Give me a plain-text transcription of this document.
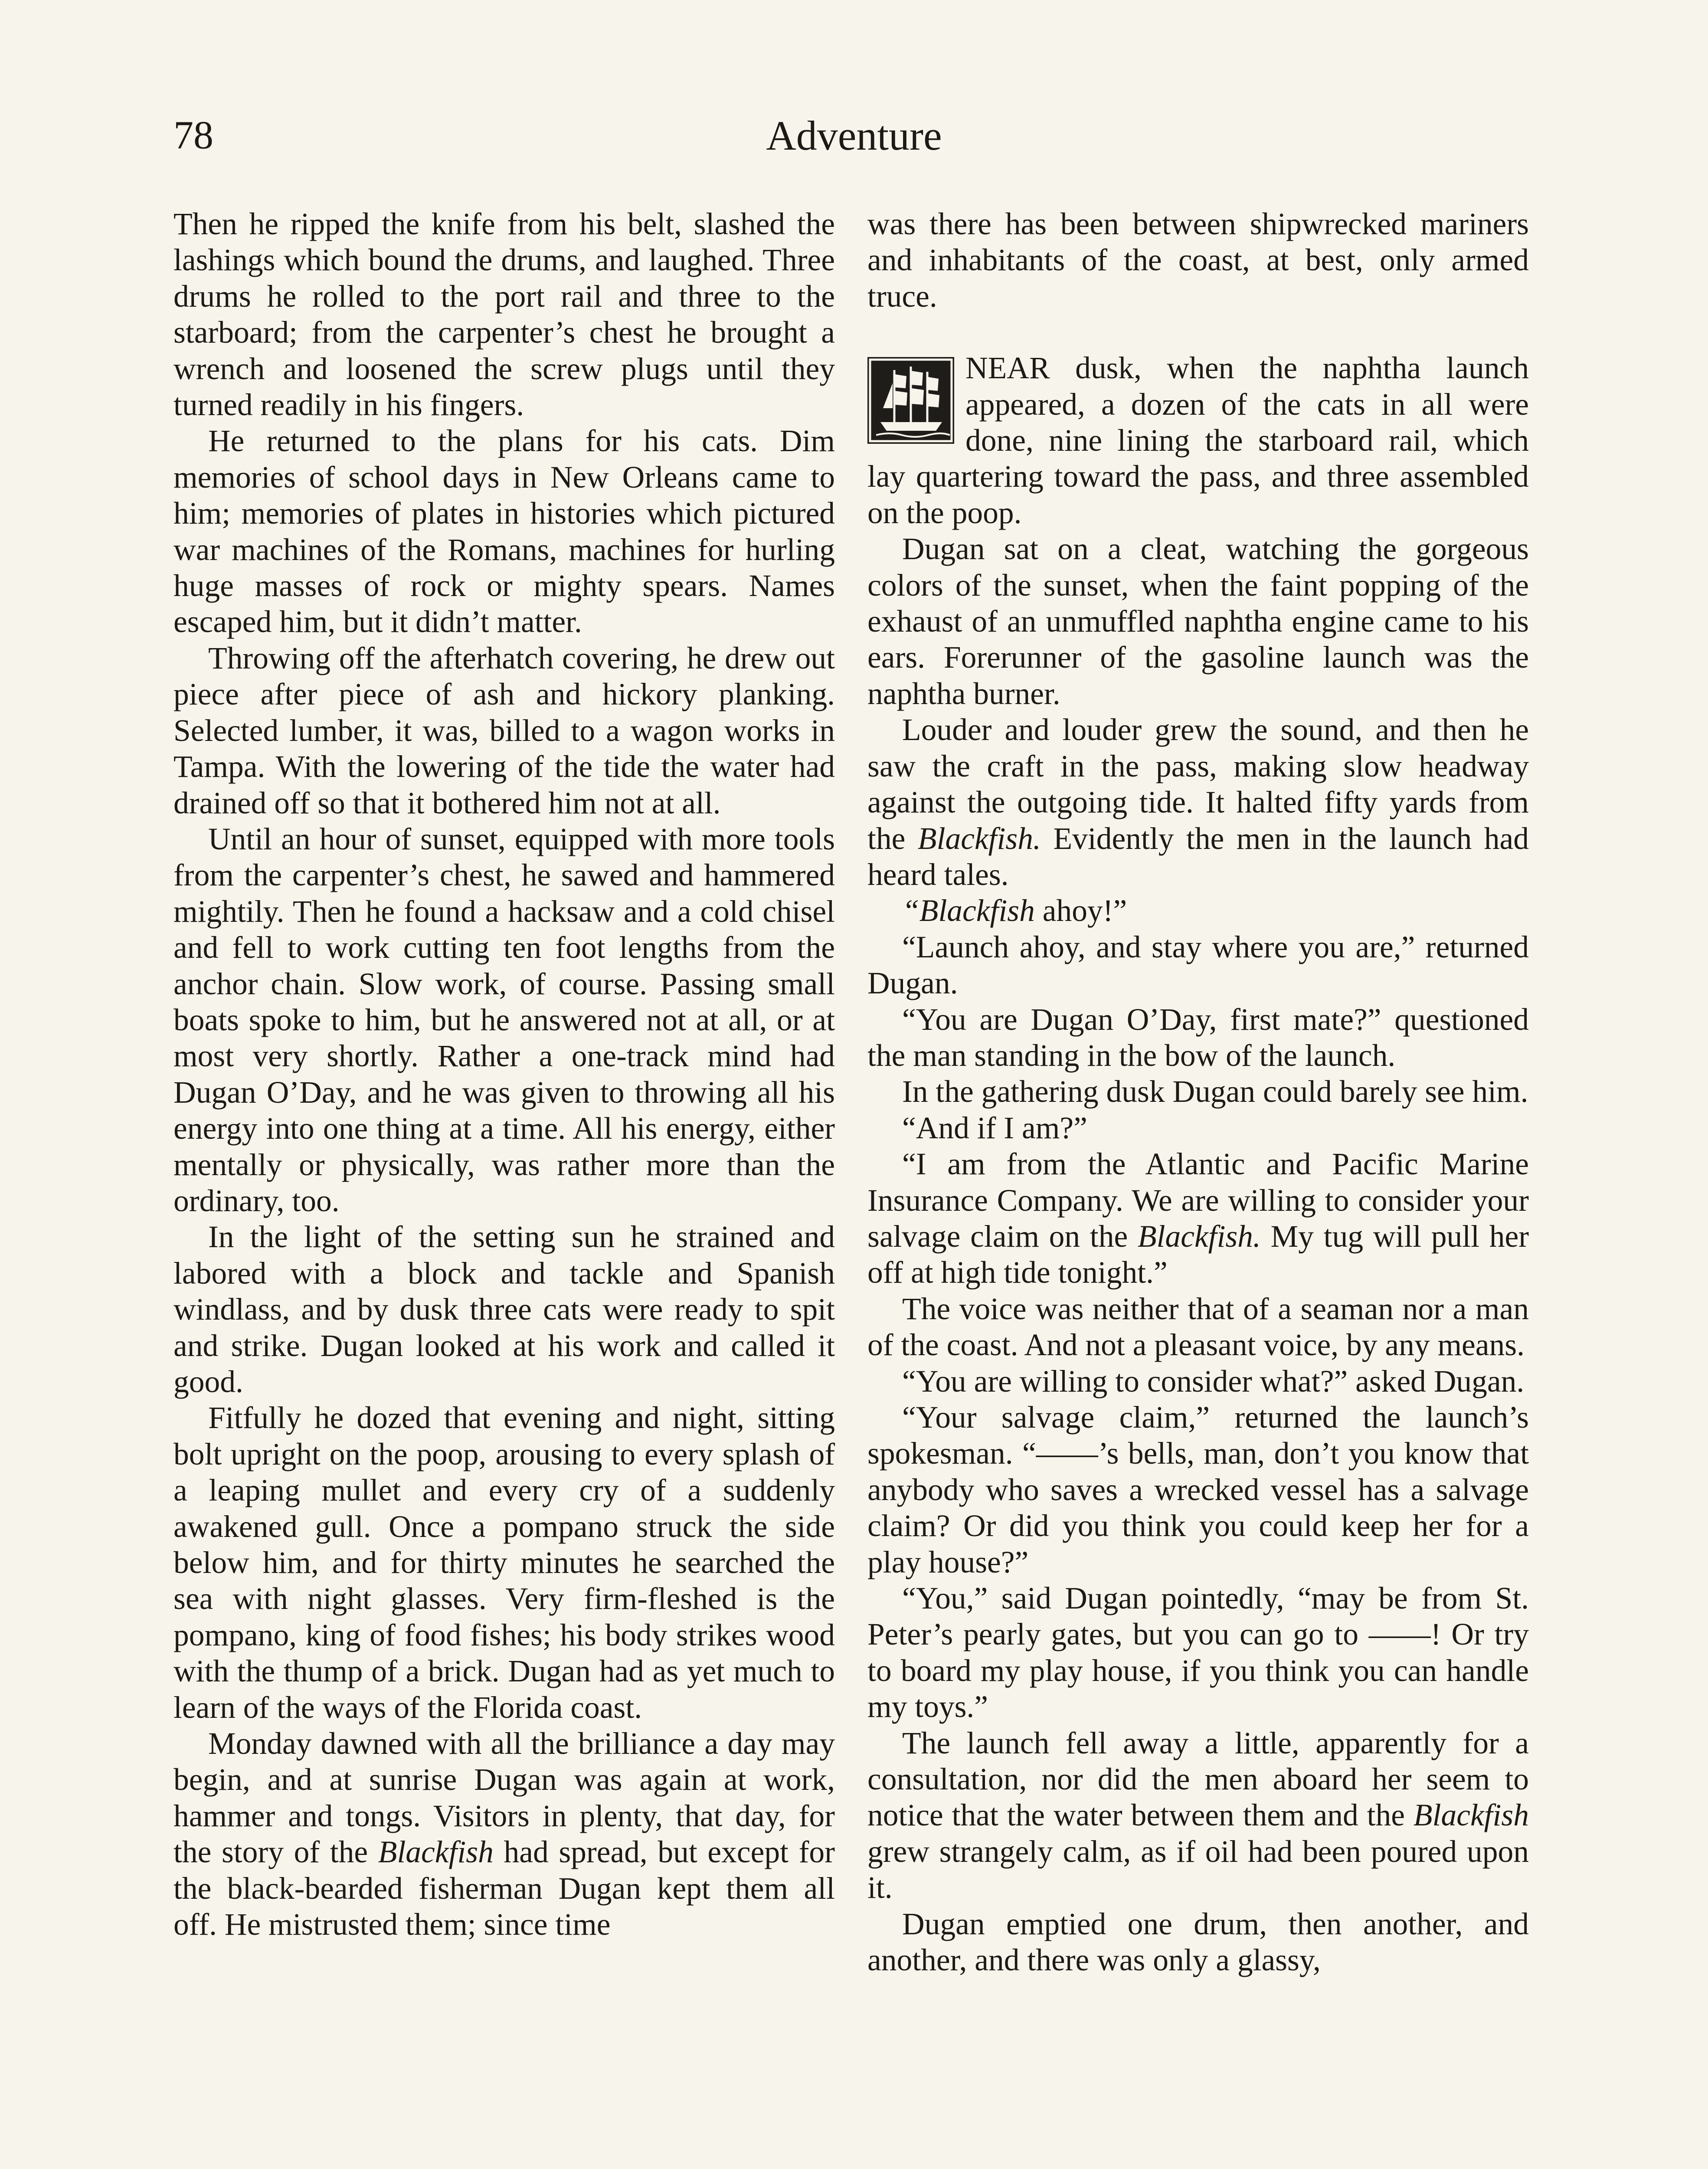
78	Adventure

Then he ripped the knife from his belt, slashed the lashings which bound the drums, and laughed. Three drums he rolled to the port rail and three to the starboard; from the carpenter’s chest he brought a wrench and loosened the screw plugs until they turned readily in his fingers.

He returned to the plans for his cats. Dim memories of school days in New Orleans came to him; memories of plates in histories which pictured war machines of the Romans, machines for hurling huge masses of rock or mighty spears. Names escaped him, but it didn’t matter.

Throwing off the afterhatch covering, he drew out piece after piece of ash and hickory planking. Selected lumber, it was, billed to a wagon works in Tampa. With the lowering of the tide the water had drained off so that it bothered him not at all.

Until an hour of sunset, equipped with more tools from the carpenter’s chest, he sawed and hammered mightily. Then he found a hacksaw and a cold chisel and fell to work cutting ten foot lengths from the anchor chain. Slow work, of course. Passing small boats spoke to him, but he answered not at all, or at most very shortly. Rather a one-track mind had Dugan O’Day, and he was given to throwing all his energy into one thing at a time. All his energy, either mentally or physically, was rather more than the ordinary, too.

In the light of the setting sun he strained and labored with a block and tackle and Spanish windlass, and by dusk three cats were ready to spit and strike. Dugan looked at his work and called it good.

Fitfully he dozed that evening and night, sitting bolt upright on the poop, arousing to every splash of a leaping mullet and every cry of a suddenly awakened gull. Once a pompano struck the side below him, and for thirty minutes he searched the sea with night glasses. Very firm-fleshed is the pompano, king of food fishes; his body strikes wood with the thump of a brick. Dugan had as yet much to learn of the ways of the Florida coast.

Monday dawned with all the brilliance a day may begin, and at sunrise Dugan was again at work, hammer and tongs. Visitors in plenty, that day, for the story of the Blackfish had spread, but except for the black-bearded fisherman Dugan kept them all off. He mistrusted them; since time

was there has been between shipwrecked mariners and inhabitants of the coast, at best, only armed truce.

NEAR dusk, when the naphtha launch appeared, a dozen of the cats in all were done, nine lining the starboard rail, which lay quartering toward the pass, and three assembled on the poop.

Dugan sat on a cleat, watching the gorgeous colors of the sunset, when the faint popping of the exhaust of an unmuffled naphtha engine came to his ears. Forerunner of the gasoline launch was the naphtha burner.

Louder and louder grew the sound, and then he saw the craft in the pass, making slow headway against the outgoing tide. It halted fifty yards from the Blackfish. Evidently the men in the launch had heard tales.

“Blackfish ahoy!”

“Launch ahoy, and stay where you are,” returned Dugan.

“You are Dugan O’Day, first mate?” questioned the man standing in the bow of the launch.

In the gathering dusk Dugan could barely see him.

“And if I am?”

“I am from the Atlantic and Pacific Marine Insurance Company. We are willing to consider your salvage claim on the Blackfish. My tug will pull her off at high tide tonight.”

The voice was neither that of a seaman nor a man of the coast. And not a pleasant voice, by any means.

“You are willing to consider what?” asked Dugan.

“Your salvage claim,” returned the launch’s spokesman. “——’s bells, man, don’t you know that anybody who saves a wrecked vessel has a salvage claim? Or did you think you could keep her for a play house?”

“You,” said Dugan pointedly, “may be from St. Peter’s pearly gates, but you can go to ——! Or try to board my play house, if you think you can handle my toys.”

The launch fell away a little, apparently for a consultation, nor did the men aboard her seem to notice that the water between them and the Blackfish grew strangely calm, as if oil had been poured upon it.

Dugan emptied one drum, then another, and another, and there was only a glassy,
